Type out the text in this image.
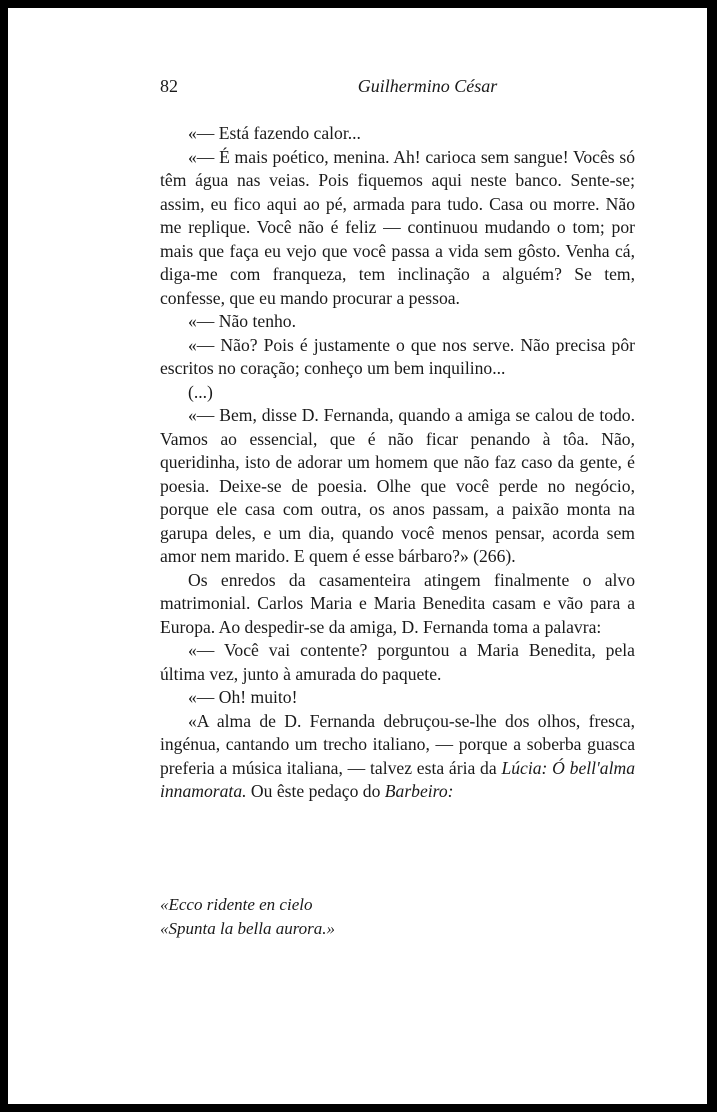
82	Guilhermino César

«— Está fazendo calor...

«— É mais poético, menina. Ah! carioca sem sangue! Vocês só têm água nas veias. Pois fiquemos aqui neste banco. Sente-se; assim, eu fico aqui ao pé, armada para tudo. Casa ou morre. Não me replique. Você não é feliz — continuou mudando o tom; por mais que faça eu vejo que você passa a vida sem gôsto. Venha cá, diga-me com franqueza, tem inclinação a alguém? Se tem, confesse, que eu mando procurar a pessoa.

«— Não tenho.

«— Não? Pois é justamente o que nos serve. Não precisa pôr escritos no coração; conheço um bem inquilino...

(...)

«— Bem, disse D. Fernanda, quando a amiga se calou de todo. Vamos ao essencial, que é não ficar penando à tôa. Não, queridinha, isto de adorar um homem que não faz caso da gente, é poesia. Deixe-se de poesia. Olhe que você perde no negócio, porque ele casa com outra, os anos passam, a paixão monta na garupa deles, e um dia, quando você menos pensar, acorda sem amor nem marido. E quem é esse bárbaro?» (266).

Os enredos da casamenteira atingem finalmente o alvo matrimonial. Carlos Maria e Maria Benedita casam e vão para a Europa. Ao despedir-se da amiga, D. Fernanda toma a palavra:

«— Você vai contente? porguntou a Maria Benedita, pela última vez, junto à amurada do paquete.

«— Oh! muito!

«A alma de D. Fernanda debruçou-se-lhe dos olhos, fresca, ingénua, cantando um trecho italiano, — porque a soberba guasca preferia a música italiana, — talvez esta ária da Lúcia: Ó bell'alma innamorata. Ou êste pedaço do Barbeiro:

«Ecco ridente en cielo

«Spunta la bella aurora.»
